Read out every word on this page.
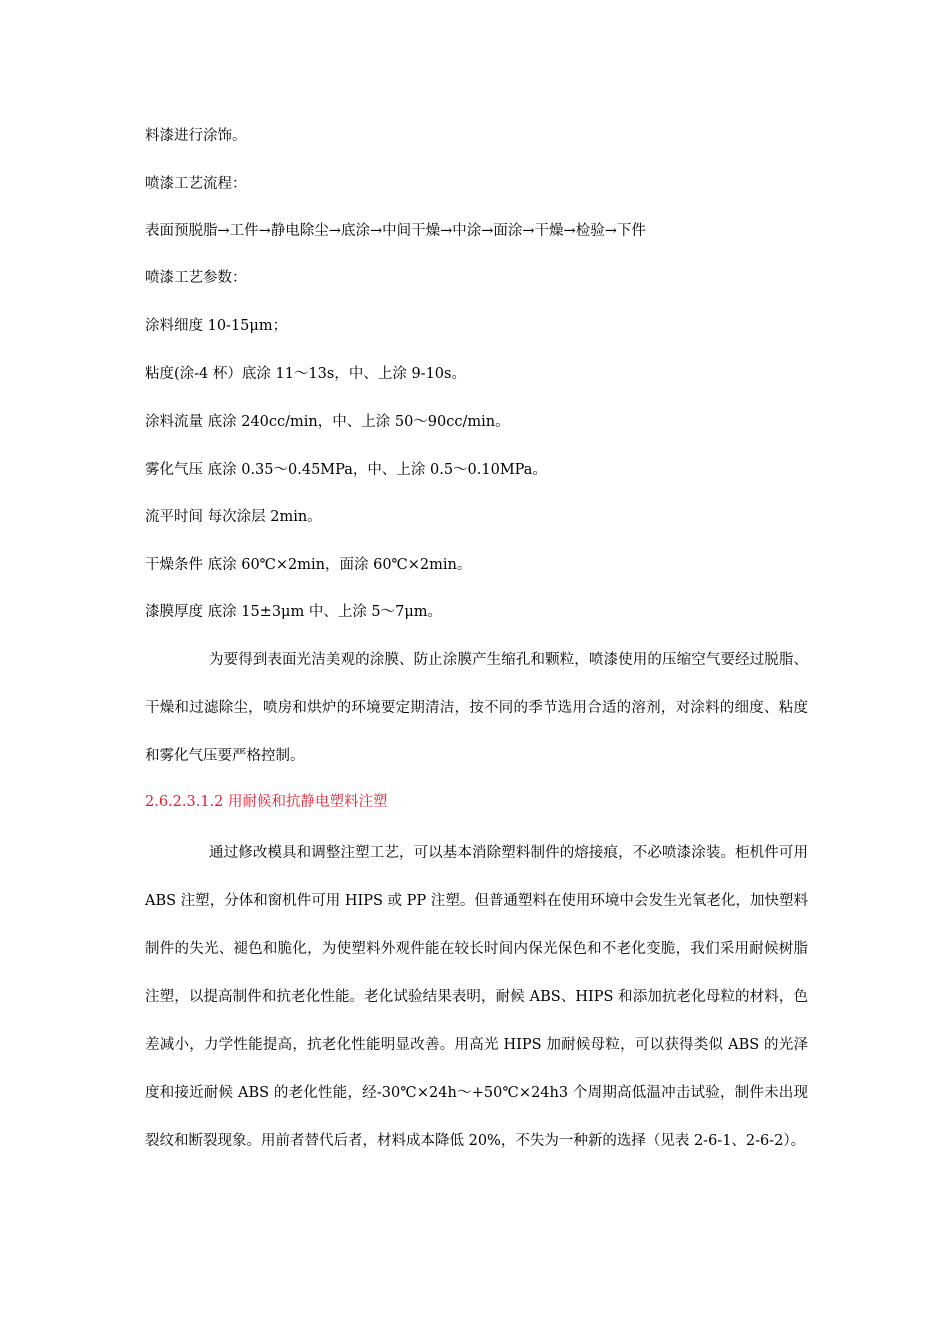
料漆进行涂饰。

喷漆工艺流程：

表面预脱脂→工件→静电除尘→底涂→中间干燥→中涂→面涂→干燥→检验→下件

喷漆工艺参数：

涂料细度 10-15μm；

粘度(涂-4 杯）底涂 11～13s，中、上涂 9-10s。

涂料流量 底涂 240cc/min，中、上涂 50～90cc/min。

雾化气压 底涂 0.35～0.45MPa，中、上涂 0.5～0.10MPa。

流平时间 每次涂层 2min。

干燥条件 底涂 60℃×2min，面涂 60℃×2min。

漆膜厚度 底涂 15±3μm 中、上涂 5～7μm。

为要得到表面光洁美观的涂膜、防止涂膜产生缩孔和颗粒，喷漆使用的压缩空气要经过脱脂、干燥和过滤除尘，喷房和烘炉的环境要定期清洁，按不同的季节选用合适的溶剂，对涂料的细度、粘度和雾化气压要严格控制。

2.6.2.3.1.2 用耐候和抗静电塑料注塑

通过修改模具和调整注塑工艺，可以基本消除塑料制件的熔接痕，不必喷漆涂装。柜机件可用 ABS 注塑，分体和窗机件可用 HIPS 或 PP 注塑。但普通塑料在使用环境中会发生光氧老化，加快塑料制件的失光、褪色和脆化，为使塑料外观件能在较长时间内保光保色和不老化变脆，我们采用耐候树脂注塑，以提高制件和抗老化性能。老化试验结果表明，耐候 ABS、HIPS 和添加抗老化母粒的材料，色差减小，力学性能提高，抗老化性能明显改善。用高光 HIPS 加耐候母粒，可以获得类似 ABS 的光泽度和接近耐候 ABS 的老化性能，经-30℃×24h～+50℃×24h3 个周期高低温冲击试验，制件未出现裂纹和断裂现象。用前者替代后者，材料成本降低 20%，不失为一种新的选择（见表 2-6-1、2-6-2）。
